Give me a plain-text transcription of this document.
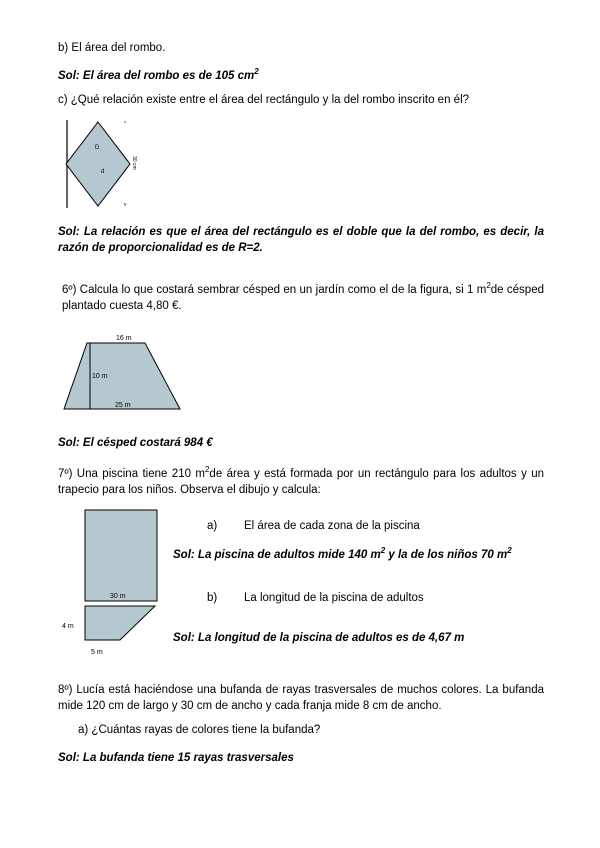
b) El área del rombo.
Sol: El área del rombo es de 105 $cm^2$
c) ¿Qué relación existe entre el área del rectángulo y la del rombo inscrito en él?
D
d
30 cm
^
v
Sol: La relación es que el área del rectángulo es el doble que la del rombo, es decir, la razón de proporcionalidad es de R=2.
6º) Calcula lo que costará sembrar césped en un jardín como el de la figura, si 1 $m^2de$ césped plantado cuesta 4,80 €.
16 m
10 m
25 m
Sol: El césped costará 984 €
7º) Una piscina tiene 210 $m^2de$ área y está formada por un rectángulo para los adultos y un trapecio para los niños. Observa el dibujo y calcula:
30 m
4 m
5 m
a) El área de cada zona de la piscina
Sol: La piscina de adultos mide 140 $m^2$ y la de los niños 70 $m^2$
b) La longitud de la piscina de adultos
Sol: La longitud de la piscina de adultos es de 4,67 m
8º) Lucía está haciéndose una bufanda de rayas trasversales de muchos colores. La bufanda mide 120 cm de largo y 30 cm de ancho y cada franja mide 8 cm de ancho.
a) ¿Cuántas rayas de colores tiene la bufanda?
Sol: La bufanda tiene 15 rayas trasversales
